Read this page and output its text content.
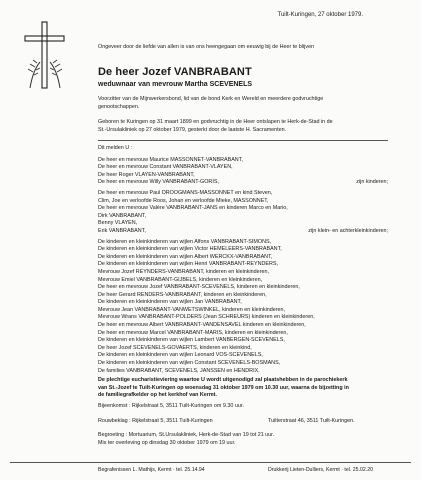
Tuilt-Kuringen, 27 oktober 1979.
Ongeveer door de liefde van allen is van ons heengegaan om eeuwig bij de Heer te blijven
De heer Jozef VANBRABANT
weduwnaar van mevrouw Martha SCEVENELS
Voorzitter van de Mijnwerkersbond, lid van de bond Kerk en Wereld en meerdere godvruchtige
genootschappen.
Geboren te Kuringen op 31 maart 1899 en godvruchtig in de Heer ontslapen te Herk-de-Stad in de
St.-Ursulakliniek op 27 oktober 1979, gesterkt door de laatste H. Sacramenten.
Dit melden U :
De heer en mevrouw Maurice MASSONNET-VANBRABANT,
De heer en mevrouw Constant VANBRABANT-VLAYEN,
De heer Roger VLAYEN-VANBRABANT,
De heer en mevrouw Willy VANBRABANT-GORIS,	zijn kinderen;
De heer en mevrouw Paul DROOGMANS-MASSONNET en kind Steven,
Clim, Joe en verloofde Roos, Johan en verloofde Mieke, MASSONNET,
De heer en mevrouw Valère VANBRABANT-JANS en kinderen Marco en Mario,
Dirk VANBRABANT,
Benny VLAYEN,
Erik VANBRABANT,	zijn klein- en achterkleinkinderen;
De kinderen en kleinkinderen van wijlen Alfons VANBRABANT-SIMONS,
De kinderen en kleinkinderen van wijlen Victor HEMELEERS-VANBRABANT,
De kinderen en kleinkinderen van wijlen Albert WERCKX-VANBRABANT,
De kinderen en kleinkinderen van wijlen Henri VANBRABANT-REYNDERS,
Mevrouw Jozef REYNDERS-VANBRABANT, kinderen en kleinkinderen,
Mevrouw Emiel VANBRABANT-GIJBELS, kinderen en kleinkinderen,
De heer en mevrouw Jozef VANBRABANT-SCEVENELS, kinderen en kleinkinderen,
De heer Gerard RENDERS-VANBRABANT, kinderen en kleinkinderen,
De kinderen en kleinkinderen van wijlen Jan VANBRABANT,
Mevrouw Jean VANBRABANT-VANWETSWINKEL, kinderen en kleinkinderen,
Mevrouw Wrans VANBRABANT-POLDERS (Jean SCHREURS) kinderen en kleinkinderen,
De heer en mevrouw Albert VANBRABANT-VANDENSAVEL kinderen en kleinkinderen,
De heer en mevrouw Marcel VANBRABANT-MARIS, kinderen en kleinkinderen,
De kinderen en kleinkinderen van wijlen Lambert VANBERGEN-SCEVENELS,
De heer Jozef SCEVENELS-GOVAERTS, kinderen en kleinkind,
De kinderen en kleinkinderen van wijlen Leonard VOS-SCEVENELS,
De kinderen en kleinkinderen van wijlen Constant SCEVENELS-BOSMANS,
De families VANBRABANT, SCEVENELS, JANSSEN en HENDRIX.
De plechtige eucharistieviering waartoe U wordt uitgenodigd zal plaatshebben in de parochiekerk
van St.-Jozef te Tuilt-Kuringen op woensdag 31 oktober 1979 om 10.30 uur, waarna de bijzetting in
de familiegrafkelder op het kerkhof van Kermt.
Bijeenkomst : Rijkelstraat 5, 3511 Tuilt-Kuringen om 9.30 uur.
Rouwbeklag : Rijkelstraat 5, 3511 Tuilt-Kuringen	Tuilterstraat 46, 3511 Tuilt-Kuringen.
Begroeting : Mortuarium, St.Ursulakliniek, Herk-de-Stad van 19 tot 21 uur.
Mis ter overleving op dinsdag 30 oktober 1979 om 19 uur.
Begrafenissen L. Mathijs, Kermt · tel. 25.14.94	Drukkerij Lieten-Dulliers, Kermt · tel. 25.02.20
